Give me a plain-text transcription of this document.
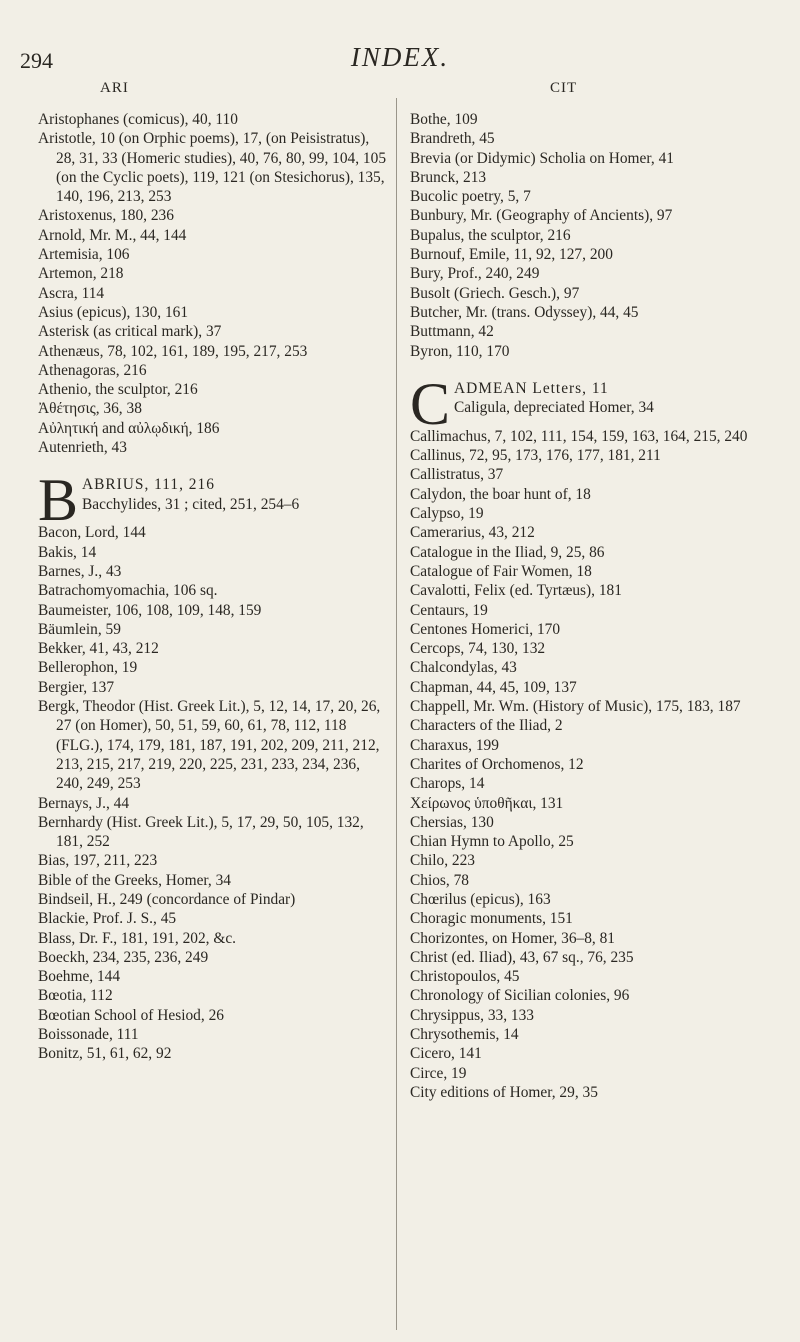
294	INDEX.
ARI	CIT
Aristophanes (comicus), 40, 110
Aristotle, 10 (on Orphic poems), 17, (on Peisistratus), 28, 31, 33 (Homeric studies), 40, 76, 80, 99, 104, 105 (on the Cyclic poets), 119, 121 (on Stesichorus), 135, 140, 196, 213, 253
Aristoxenus, 180, 236
Arnold, Mr. M., 44, 144
Artemisia, 106
Artemon, 218
Ascra, 114
Asius (epicus), 130, 161
Asterisk (as critical mark), 37
Athenæus, 78, 102, 161, 189, 195, 217, 253
Athenagoras, 216
Athenio, the sculptor, 216
Ἀθέτησις, 36, 38
Αὐλητική and αὐλῳδική, 186
Autenrieth, 43
B ABRIUS, 111, 216
Bacchylides, 31 ; cited, 251, 254–6
Bacon, Lord, 144
Bakis, 14
Barnes, J., 43
Batrachomyomachia, 106 sq.
Baumeister, 106, 108, 109, 148, 159
Bäumlein, 59
Bekker, 41, 43, 212
Bellerophon, 19
Bergier, 137
Bergk, Theodor (Hist. Greek Lit.), 5, 12, 14, 17, 20, 26, 27 (on Homer), 50, 51, 59, 60, 61, 78, 112, 118 (FLG.), 174, 179, 181, 187, 191, 202, 209, 211, 212, 213, 215, 217, 219, 220, 225, 231, 233, 234, 236, 240, 249, 253
Bernays, J., 44
Bernhardy (Hist. Greek Lit.), 5, 17, 29, 50, 105, 132, 181, 252
Bias, 197, 211, 223
Bible of the Greeks, Homer, 34
Bindseil, H., 249 (concordance of Pindar)
Blackie, Prof. J. S., 45
Blass, Dr. F., 181, 191, 202, &c.
Boeckh, 234, 235, 236, 249
Boehme, 144
Bœotia, 112
Bœotian School of Hesiod, 26
Boissonade, 111
Bonitz, 51, 61, 62, 92
Bothe, 109
Brandreth, 45
Brevia (or Didymic) Scholia on Homer, 41
Brunck, 213
Bucolic poetry, 5, 7
Bunbury, Mr. (Geography of Ancients), 97
Bupalus, the sculptor, 216
Burnouf, Emile, 11, 92, 127, 200
Bury, Prof., 240, 249
Busolt (Griech. Gesch.), 97
Butcher, Mr. (trans. Odyssey), 44, 45
Buttmann, 42
Byron, 110, 170
C ADMEAN Letters, 11
Caligula, depreciated Homer, 34
Callimachus, 7, 102, 111, 154, 159, 163, 164, 215, 240
Callinus, 72, 95, 173, 176, 177, 181, 211
Callistratus, 37
Calydon, the boar hunt of, 18
Calypso, 19
Camerarius, 43, 212
Catalogue in the Iliad, 9, 25, 86
Catalogue of Fair Women, 18
Cavalotti, Felix (ed. Tyrtæus), 181
Centaurs, 19
Centones Homerici, 170
Cercops, 74, 130, 132
Chalcondylas, 43
Chapman, 44, 45, 109, 137
Chappell, Mr. Wm. (History of Music), 175, 183, 187
Characters of the Iliad, 2
Charaxus, 199
Charites of Orchomenos, 12
Charops, 14
Χείρωνος ὑποθῆκαι, 131
Chersias, 130
Chian Hymn to Apollo, 25
Chilo, 223
Chios, 78
Chœrilus (epicus), 163
Choragic monuments, 151
Chorizontes, on Homer, 36–8, 81
Christ (ed. Iliad), 43, 67 sq., 76, 235
Christopoulos, 45
Chronology of Sicilian colonies, 96
Chrysippus, 33, 133
Chrysothemis, 14
Cicero, 141
Circe, 19
City editions of Homer, 29, 35
